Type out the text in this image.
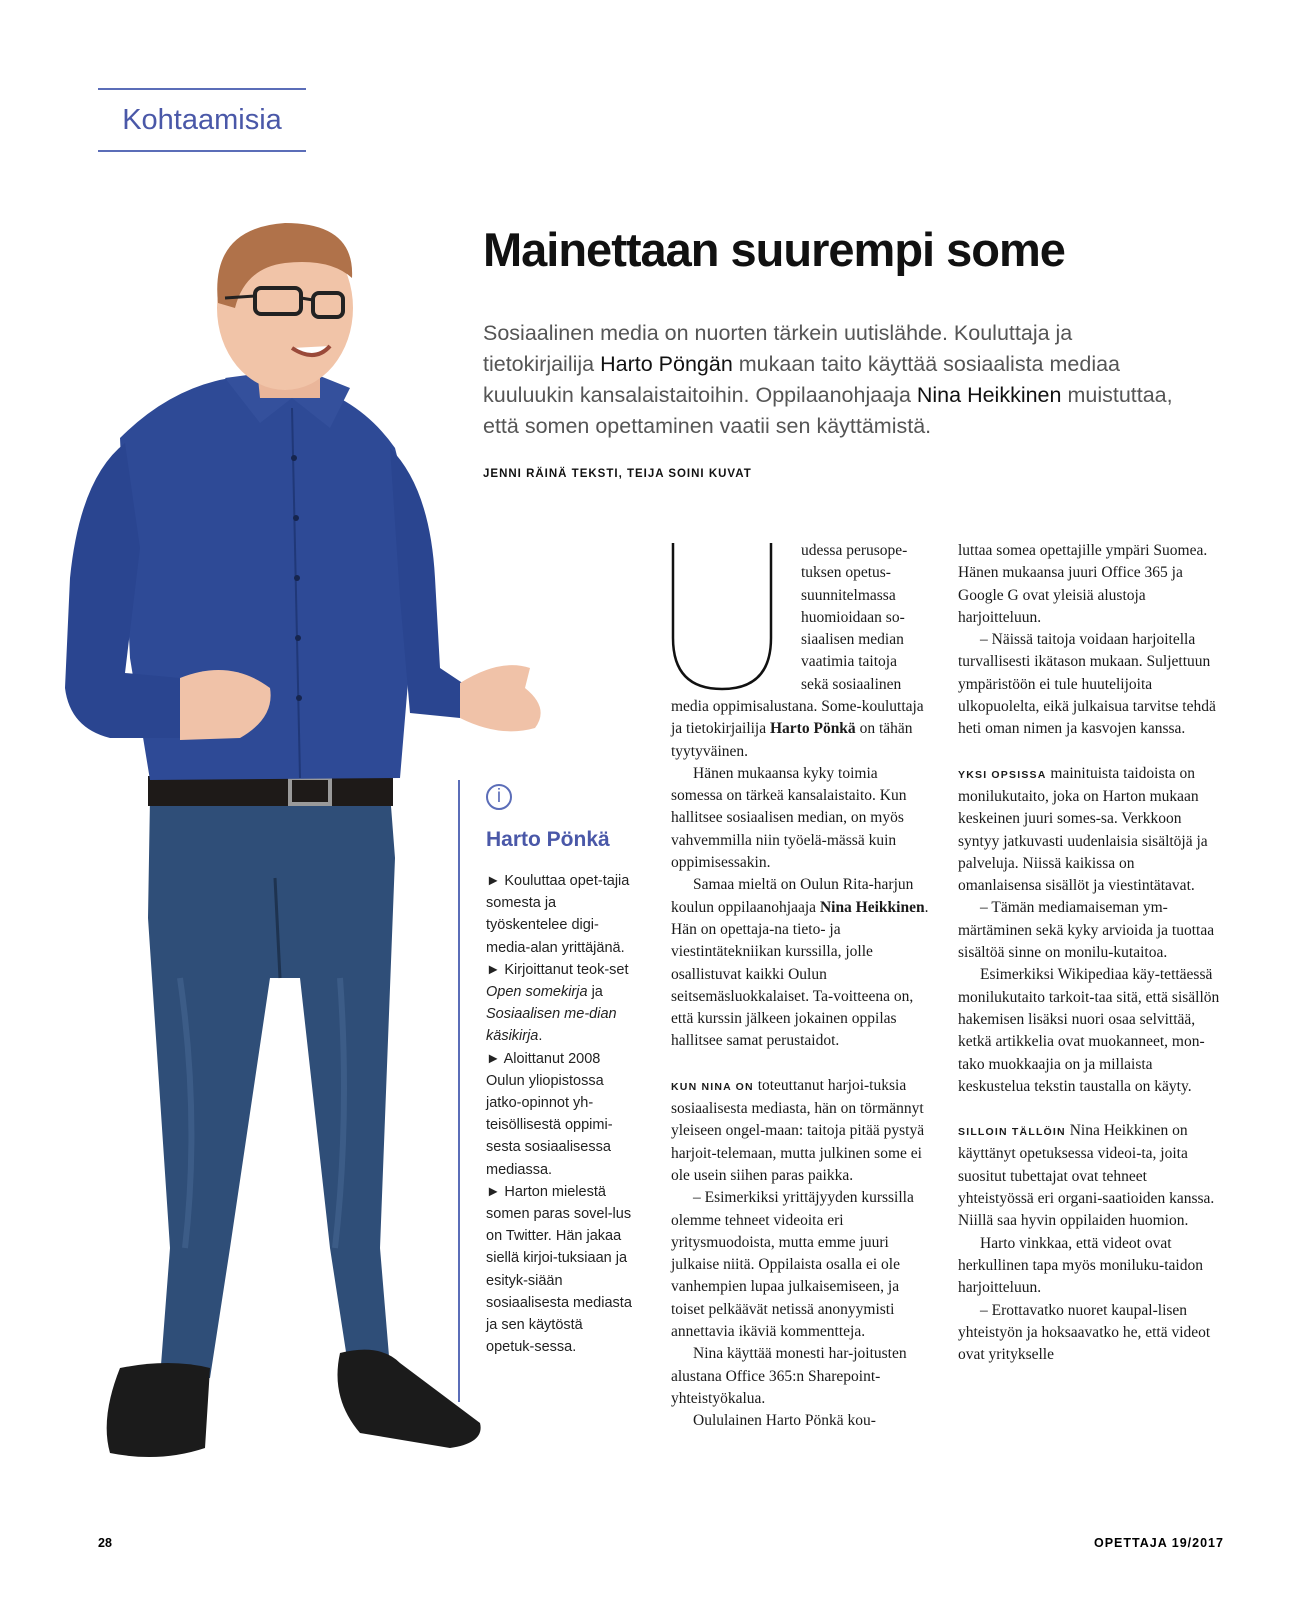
Kohtaamisia
Mainettaan suurempi some
Sosiaalinen media on nuorten tärkein uutislähde. Kouluttaja ja tietokirjailija Harto Pöngän mukaan taito käyttää sosiaalista mediaa kuuluukin kansalaistaitoihin. Oppilaanohjaaja Nina Heikkinen muistuttaa, että somen opettaminen vaatii sen käyttämistä.
JENNI RÄINÄ TEKSTI, TEIJA SOINI KUVAT
i
Harto Pönkä
► Kouluttaa opet-tajia somesta ja työskentelee digi-media-alan yrittäjänä.
► Kirjoittanut teok-set Open somekirja ja Sosiaalisen me-dian käsikirja.
► Aloittanut 2008 Oulun yliopistossa jatko-opinnot yh-teisöllisestä oppimi-sesta sosiaalisessa mediassa.
► Harton mielestä somen paras sovel-lus on Twitter. Hän jakaa siellä kirjoi-tuksiaan ja esityk-siään sosiaalisesta mediasta ja sen käytöstä opetuk-sessa.
U	udessa perusope-

tuksen opetus-

suunnitelmassa

huomioidaan so-

siaalisen median

vaatimia taitoja

sekä sosiaalinen

media oppimisalustana. Some-kouluttaja ja tietokirjailija Harto Pönkä on tähän tyytyväinen.

Hänen mukaansa kyky toimia somessa on tärkeä kansalaistaito. Kun hallitsee sosiaalisen median, on myös vahvemmilla niin työelä-mässä kuin oppimisessakin.

Samaa mieltä on Oulun Rita-harjun koulun oppilaanohjaaja Nina Heikkinen. Hän on opettaja-na tieto- ja viestintätekniikan kurssilla, jolle osallistuvat kaikki Oulun seitsemäsluokkalaiset. Ta-voitteena on, että kurssin jälkeen jokainen oppilas hallitsee samat perustaidot.

KUN NINA ON toteuttanut harjoi-tuksia sosiaalisesta mediasta, hän on törmännyt yleiseen ongel-maan: taitoja pitää pystyä harjoit-telemaan, mutta julkinen some ei ole usein siihen paras paikka.

– Esimerkiksi yrittäjyyden kurssilla olemme tehneet videoita eri yritysmuodoista, mutta emme juuri julkaise niitä. Oppilaista osalla ei ole vanhempien lupaa julkaisemiseen, ja toiset pelkäävät netissä anonyymisti annettavia ikäviä kommentteja.

Nina käyttää monesti har-joitusten alustana Office 365:n Sharepoint-yhteistyökalua.

Oululainen Harto Pönkä kou-

luttaa somea opettajille ympäri Suomea. Hänen mukaansa juuri Office 365 ja Google G ovat yleisiä alustoja harjoitteluun.

– Näissä taitoja voidaan harjoitella turvallisesti ikätason mukaan. Suljettuun ympäristöön ei tule huutelijoita ulkopuolelta, eikä julkaisua tarvitse tehdä heti oman nimen ja kasvojen kanssa.

YKSI OPSISSA mainituista taidoista on monilukutaito, joka on Harton mukaan keskeinen juuri somes-sa. Verkkoon syntyy jatkuvasti uudenlaisia sisältöjä ja palveluja. Niissä kaikissa on omanlaisensa sisällöt ja viestintätavat.

– Tämän mediamaiseman ym-märtäminen sekä kyky arvioida ja tuottaa sisältöä sinne on monilu-kutaitoa.

Esimerkiksi Wikipediaa käy-tettäessä monilukutaito tarkoit-taa sitä, että sisällön hakemisen lisäksi nuori osaa selvittää, ketkä artikkelia ovat muokanneet, mon-tako muokkaajia on ja millaista keskustelua tekstin taustalla on käyty.

SILLOIN TÄLLÖIN Nina Heikkinen on käyttänyt opetuksessa videoi-ta, joita suositut tubettajat ovat tehneet yhteistyössä eri organi-saatioiden kanssa. Niillä saa hyvin oppilaiden huomion.

Harto vinkkaa, että videot ovat herkullinen tapa myös moniluku-taidon harjoitteluun.

– Erottavatko nuoret kaupal-lisen yhteistyön ja hoksaavatko he, että videot ovat yritykselle

28	OPETTAJA 19/2017
